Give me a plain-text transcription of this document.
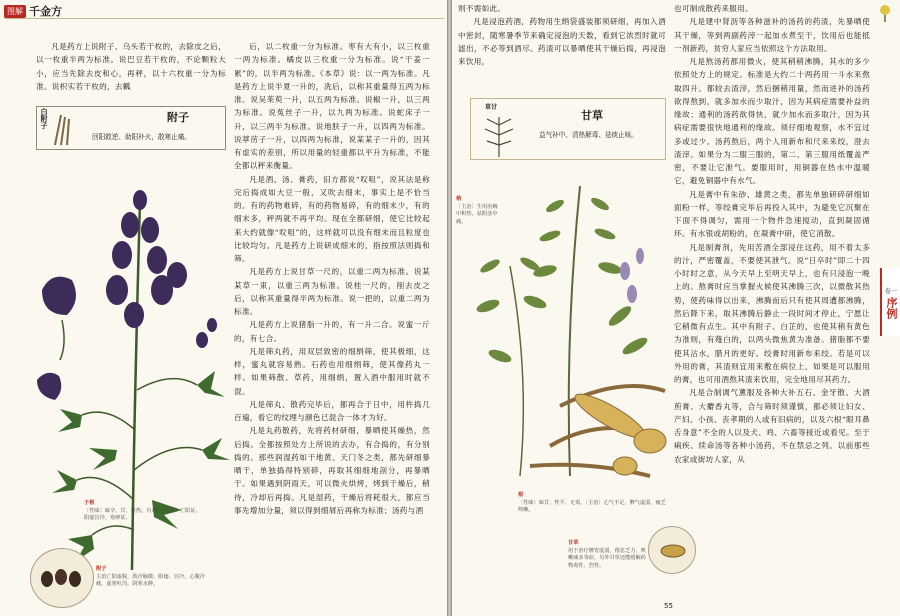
图解 千金方

凡是药方上说附子、乌头若干枚的，去除皮之后，以一枚重半两为标准。说巴豆若干枚的，不论颗粒大小，应当先除去皮和心，再秤，以十六枚重一分为标准。说枳实若干枚的，去瓤

白附子	附子
回阳救逆、助阳补火，散寒止痛。

后，以二枚重一分为标准。枣有大有小，以三枚重一两为标准。橘皮以三枚重一分为标准。说“干姜一累”的，以半两为标准。《本草》说：以一两为标准。凡是药方上说半夏一升的，洗后，以称其重量得五两为标准。说吴茱萸一升，以五两为标准。说椒一升，以三两为标准。说菟丝子一升，以九两为标准。说蛇床子一升，以三两半为标准。说地肤子一升，以四两为标准。说葶苈子一升，以四两为标准，说某某子一升的，因其有虚实的差别，所以用量的轻重都以平升为标准，不能全都以秤来衡量。

凡是酒、汤、膏药，旧方都说“㕮咀”，说其法是称完后捣成如大豆一般，又吹去细末，事实上是不恰当的。有的药物难碎，有的药物易碎，有的细未少，有的细末多，秤两就不再平均。现在全都研细，使它比较起来大约就像“㕮咀”的，这样就可以没有细末而且粒度也比较均匀。凡是药方上说研成细末的，指按照法则捣和筛。

凡是药方上说甘草一尺的，以重二两为标准。说某某草一束，以重三两为标准。说桂一尺的，削去皮之后，以称其重量得半两为标准。说一把的，以重二两为标准。

凡是药方上说猪脂一升的，有一升二合。说蜜一斤的，有七合。

凡是筛丸药，用双层致密的细绢筛，使其极细，这样，蜜丸就容易熟。石药也用细绢筛，使其像药丸一样。如果筛散、草药，用细绢，置入酒中服用时就不混。

凡是筛丸、散药完毕后，都再合于日中，用杵捣几百遍，看它的纹理与颜色已混合一体才为好。

凡是丸药散药，先将药材研细，暴晒使其燥热，然后捣。全都按照处方上所说的去办，有合捣的，有分别捣的。那些润湿药如干地黄、天门冬之类，都先研细暴晒干，单独捣得特别碎，再取其细细地剖分，再暴晒干。如果遇到阴雨天，可以微火烘烤，烤到干燥后，稍待，冷却后再捣。凡是湿药，干燥后将耗很大，都应当事先增加分量，须以得到细屑后再称为标准；汤药与酒

子根
〔性味〕味辛、甘，性热，有毒。〔主治〕亡阳证，阳虚宫冷，寒痹证。
附子
主治亡阳虚脱，肢冷脉微，阳痿、宫冷，心腹冷痛，虚寒吐泻，阴寒水肿。
则不需如此。

凡是浸泡药酒，药物用生绢袋盛装都须研细，再加入酒中密封，随寒暑季节来确定浸泡的天数，看到它浓烈时就可滤出，不必等到酒尽。药渣可以暴晒使其干燥后捣，再浸泡来饮用，

草甘
甘草
益气补中、清热解毒、祛痰止咳。
梢
〔主治〕生用治胸中积热，祛阴茎中痛。
根
〔性味〕味甘，性平，无毒。〔主治〕心气不足，脾气虚弱，疲乏咳嗽。
甘草
用于治疗脾胃虚弱，倦怠乏力，咳嗽痰多等症，另外甘草还能缓解药物毒性、烈性。
也可制成散药来服用。

凡是建中肾沥等各种滋补的汤药的药渣，先暴晒使其干燥，等到两副药滓一起加水煮至干，饮用后也能抵一剂新药，贫穷人家应当依照这个方法取用。

凡是熬汤药都用微火，使其稍稍沸腾，其水的多少依照处方上的规定。标准是大约二十两药用一斗水来熬取四升。都较去渣滓，然后捆稍用量，然而进补的汤药欲得熬到，就多加水而少取汁，因为其病症需要补益的缘故；通利的汤药欲得快，就少加水而多取汁，因为其病症需要很快地通利的缘故。须仔细地观察，水不宜过多或过少。汤药熬后，两个人用新布和尺来来绞，澄去渣滓。如果分为二服三服的，第二、第三服用纸覆盖严密，不要让它泄气。要服用时，用铜器在热水中温暖它，避免铜器中有水气。

凡是膏中有朱砂、雄黄之类，都先单独研碎研细如面粉一样，等绞膏完毕后再投入其中，为避免它沉聚在下面不得调匀，需用一个物件急速搅动，直到凝固循环。有水银或胡粉的，在凝膏中研，使它消散。

凡是制膏剂，先用苦酒全部浸住这药，用不着太多的汁，严密覆盖，不要使其泄气。说“日卒时”即二十四小时时之意，从今天早上至明天早上，也有只浸泡一晚上的。熬膏时应当掌握火候使其沸腾三次，以微散其热势，使药味得以出来，沸腾而后只有使其周遭都沸腾，然后降下来，取其沸腾后静止一段时间才停止，宁愿让它稍微有点生。其中有附子、白芷的，也使其稍有黄色为准则，有薤白的，以两头微焦黄为准备。猪脂都不要使其沾水，腊月的更好。绞膏时用新布来绞。若是可以外用的膏，其渣则宜用来敷在病位上，如果是可以服用的膏，也可用酒熬其渣来饮用，完全地用尽其药力。

凡是合制调气薰服及各种大补五石、金牙散、大酒煎膏、大麝香丸等，合与筛时须谨慎，都必须让妇女、产妇、小孩、丧孝期的人或有旧病的，以及六根“眼耳鼻舌身意”不全的人以及犬、鸡、六畜等接近或看见。至于痢疾、续命汤等各种小汤药，不在禁忌之列。以前那些农家或街坊人家，从

卷一
序例
55
